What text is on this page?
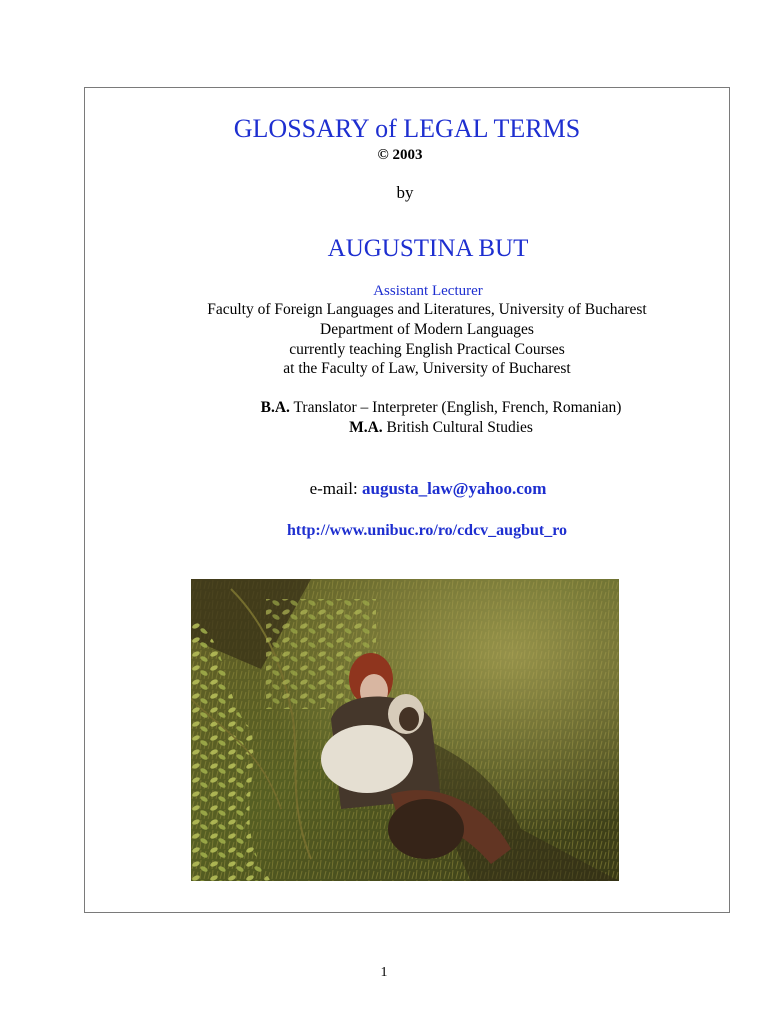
GLOSSARY of LEGAL TERMS
© 2003
by
AUGUSTINA BUT
Assistant Lecturer
Faculty of Foreign Languages and Literatures, University of Bucharest
Department of Modern Languages
currently teaching English Practical Courses
at the Faculty of Law, University of Bucharest
B.A. Translator – Interpreter (English, French, Romanian)
M.A. British Cultural Studies
e-mail: augusta_law@yahoo.com
http://www.unibuc.ro/ro/cdcv_augbut_ro
1
